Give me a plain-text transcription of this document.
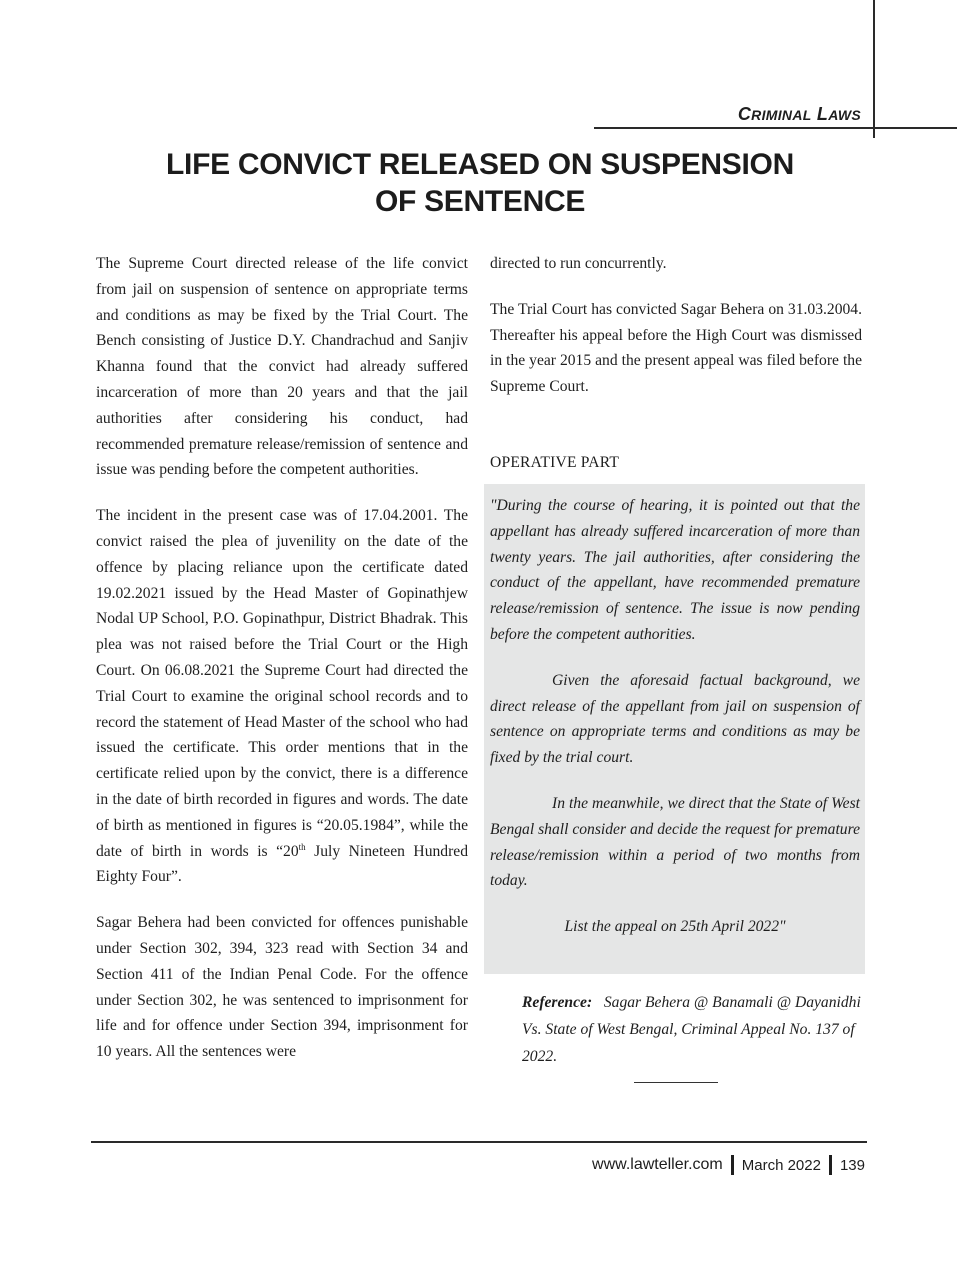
CRIMINAL LAWS
LIFE CONVICT RELEASED ON SUSPENSION
OF SENTENCE

The Supreme Court directed release of the life convict from jail on suspension of sentence on appropriate terms and conditions as may be fixed by the Trial Court. The Bench consisting of Justice D.Y. Chandrachud and Sanjiv Khanna found that the convict had already suffered incarceration of more than 20 years and that the jail authorities after considering his conduct, had recommended premature release/remission of sentence and issue was pending before the competent authorities.

The incident in the present case was of 17.04.2001. The convict raised the plea of juvenility on the date of the offence by placing reliance upon the certificate dated 19.02.2021 issued by the Head Master of Gopinathjew Nodal UP School, P.O. Gopinathpur, District Bhadrak. This plea was not raised before the Trial Court or the High Court. On 06.08.2021 the Supreme Court had directed the Trial Court to examine the original school records and to record the statement of Head Master of the school who had issued the certificate. This order mentions that in the certificate relied upon by the convict, there is a difference in the date of birth recorded in figures and words. The date of birth as mentioned in figures is “20.05.1984”, while the date of birth in words is “20th July Nineteen Hundred Eighty Four”.

Sagar Behera had been convicted for offences punishable under Section 302, 394, 323 read with Section 34 and Section 411 of the Indian Penal Code. For the offence under Section 302, he was sentenced to imprisonment for life and for offence under Section 394, imprisonment for 10 years. All the sentences were

directed to run concurrently.

The Trial Court has convicted Sagar Behera on 31.03.2004. Thereafter his appeal before the High Court was dismissed in the year 2015 and the present appeal was filed before the Supreme Court.

OPERATIVE PART

"During the course of hearing, it is pointed out that the appellant has already suffered incarceration of more than twenty years. The jail authorities, after considering the conduct of the appellant, have recommended premature release/remission of sentence. The issue is now pending before the competent authorities.

Given the aforesaid factual background, we direct release of the appellant from jail on suspension of sentence on appropriate terms and conditions as may be fixed by the trial court.

In the meanwhile, we direct that the State of West Bengal shall consider and decide the request for premature release/remission within a period of two months from today.

List the appeal on 25th April 2022"

Reference: Sagar Behera @ Banamali @ Dayanidhi Vs. State of West Bengal, Criminal Appeal No. 137 of 2022.
www.lawteller.com March 2022 139
